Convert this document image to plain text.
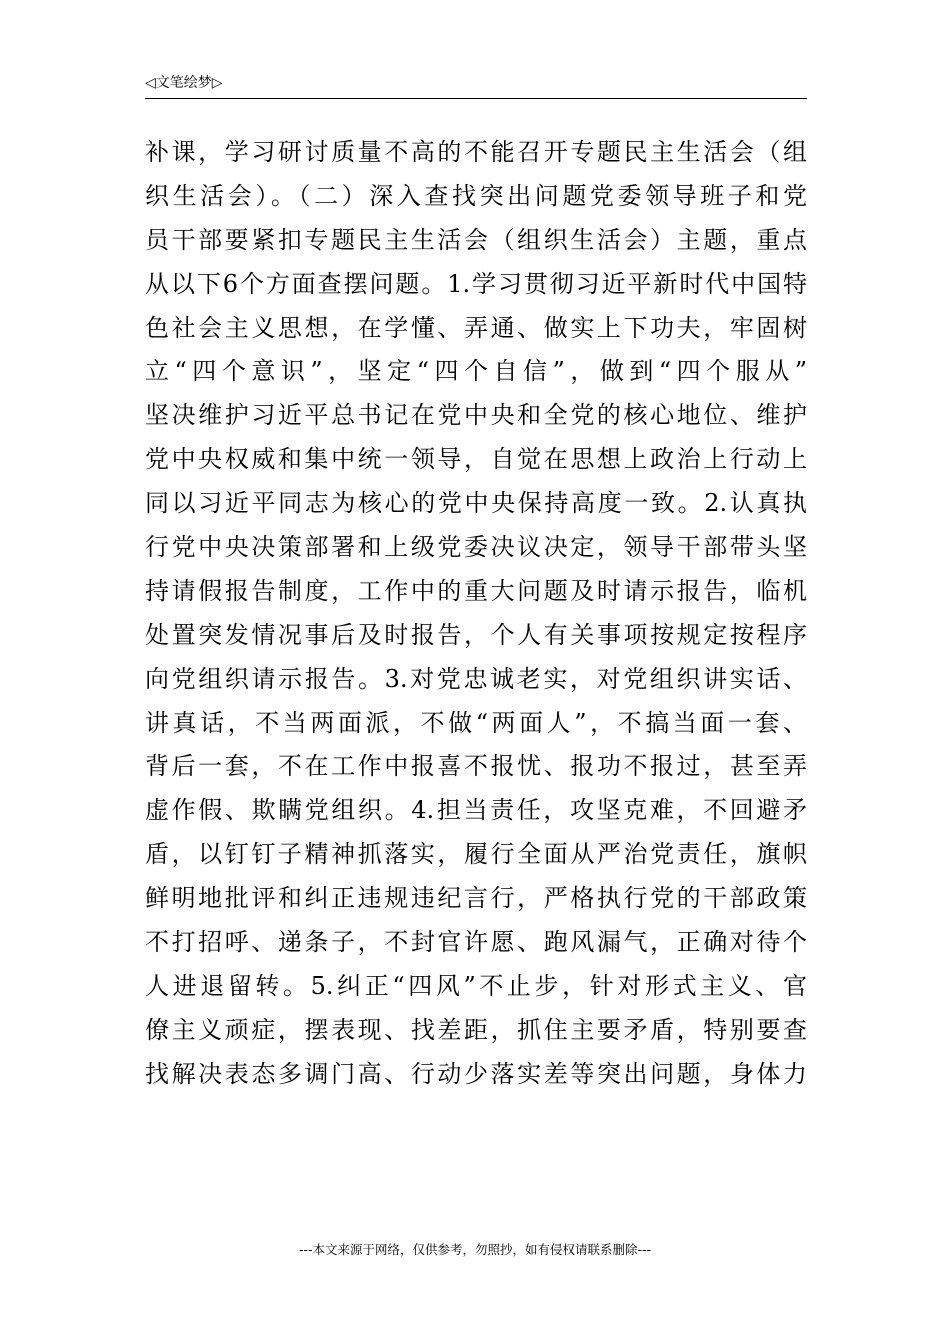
◁文笔绘梦▷
补课，学习研讨质量不高的不能召开专题民主生活会（组
织生活会）。（二）深入查找突出问题党委领导班子和党
员干部要紧扣专题民主生活会（组织生活会）主题，重点
从以下6个方面查摆问题。1.学习贯彻习近平新时代中国特
色社会主义思想，在学懂、弄通、做实上下功夫，牢固树
立“四个意识”，坚定“四个自信”，做到“四个服从”
坚决维护习近平总书记在党中央和全党的核心地位、维护
党中央权威和集中统一领导，自觉在思想上政治上行动上
同以习近平同志为核心的党中央保持高度一致。2.认真执
行党中央决策部署和上级党委决议决定，领导干部带头坚
持请假报告制度，工作中的重大问题及时请示报告，临机
处置突发情况事后及时报告，个人有关事项按规定按程序
向党组织请示报告。3.对党忠诚老实，对党组织讲实话、
讲真话，不当两面派，不做“两面人”，不搞当面一套、
背后一套，不在工作中报喜不报忧、报功不报过，甚至弄
虚作假、欺瞒党组织。4.担当责任，攻坚克难，不回避矛
盾，以钉钉子精神抓落实，履行全面从严治党责任，旗帜
鲜明地批评和纠正违规违纪言行，严格执行党的干部政策
不打招呼、递条子，不封官许愿、跑风漏气，正确对待个
人进退留转。5.纠正“四风”不止步，针对形式主义、官
僚主义顽症，摆表现、找差距，抓住主要矛盾，特别要查
找解决表态多调门高、行动少落实差等突出问题，身体力
---本文来源于网络，仅供参考，勿照抄，如有侵权请联系删除---
